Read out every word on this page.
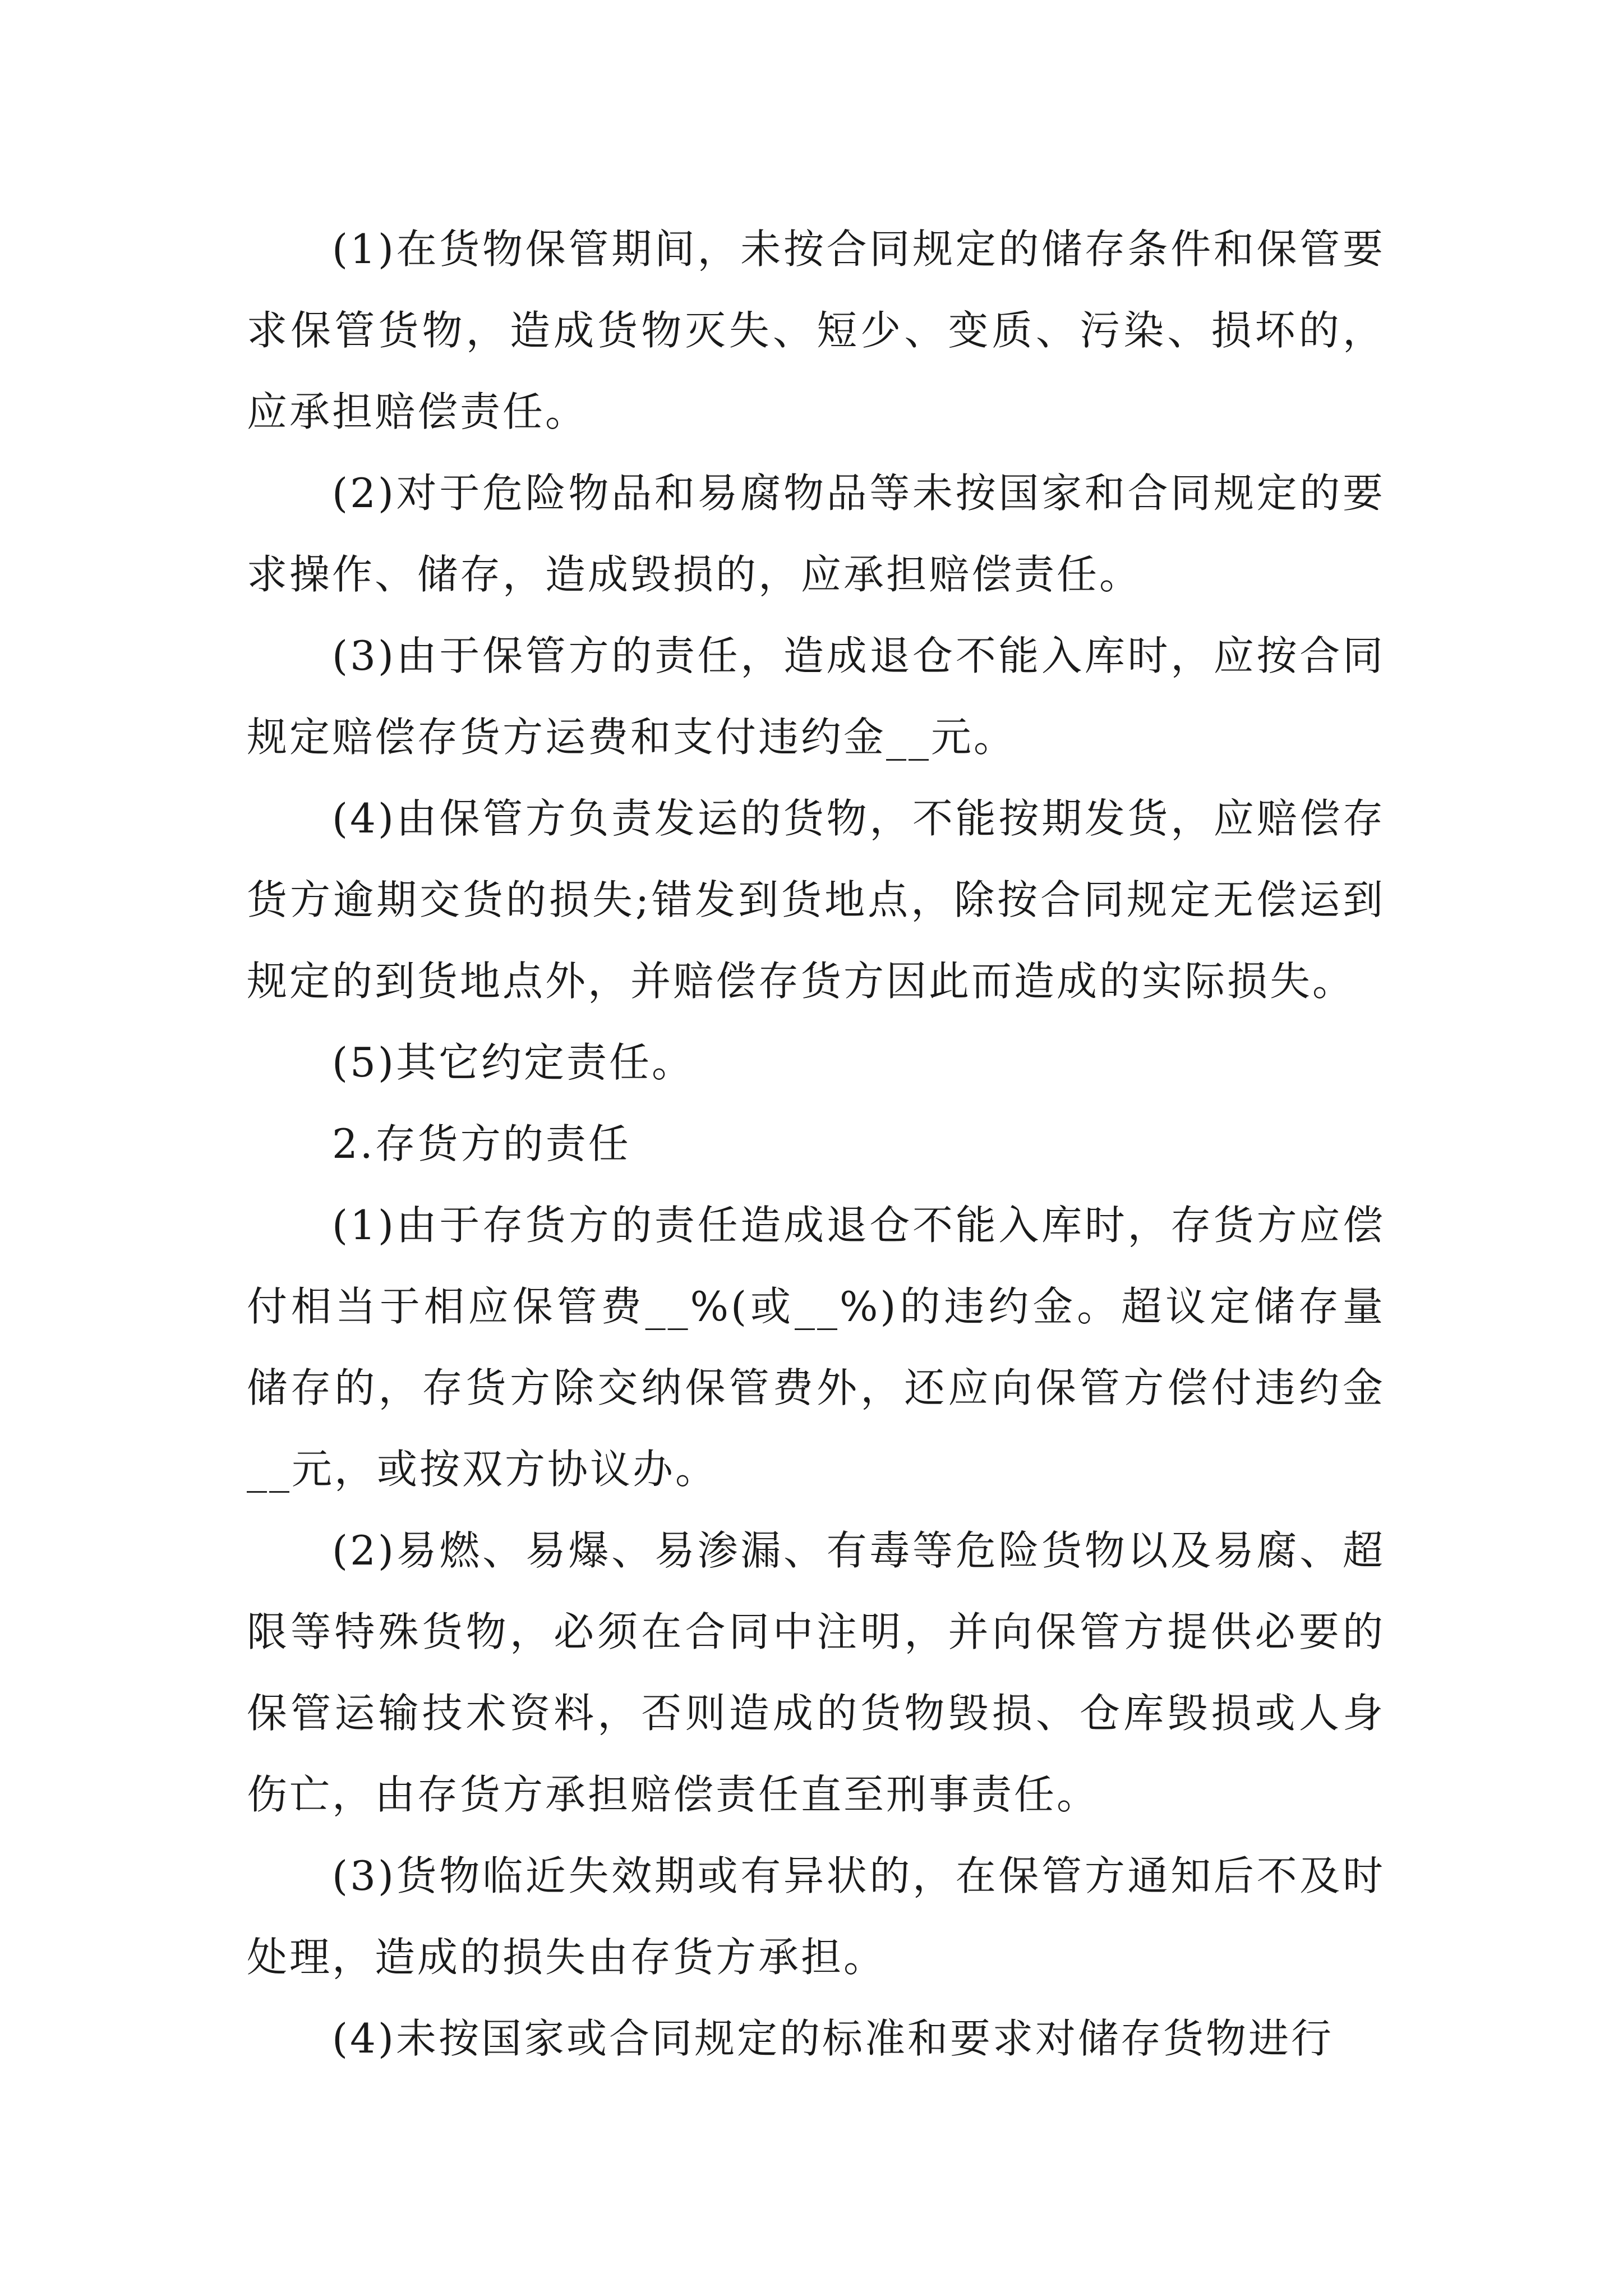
(1)在货物保管期间，未按合同规定的储存条件和保管要求保管货物，造成货物灭失、短少、变质、污染、损坏的，应承担赔偿责任。

(2)对于危险物品和易腐物品等未按国家和合同规定的要求操作、储存，造成毁损的，应承担赔偿责任。

(3)由于保管方的责任，造成退仓不能入库时，应按合同规定赔偿存货方运费和支付违约金__元。

(4)由保管方负责发运的货物，不能按期发货，应赔偿存货方逾期交货的损失;错发到货地点，除按合同规定无偿运到规定的到货地点外，并赔偿存货方因此而造成的实际损失。

(5)其它约定责任。

2.存货方的责任

(1)由于存货方的责任造成退仓不能入库时，存货方应偿付相当于相应保管费__%(或__%)的违约金。超议定储存量储存的，存货方除交纳保管费外，还应向保管方偿付违约金__元，或按双方协议办。

(2)易燃、易爆、易渗漏、有毒等危险货物以及易腐、超限等特殊货物，必须在合同中注明，并向保管方提供必要的保管运输技术资料，否则造成的货物毁损、仓库毁损或人身伤亡，由存货方承担赔偿责任直至刑事责任。

(3)货物临近失效期或有异状的，在保管方通知后不及时处理，造成的损失由存货方承担。

(4)未按国家或合同规定的标准和要求对储存货物进行
